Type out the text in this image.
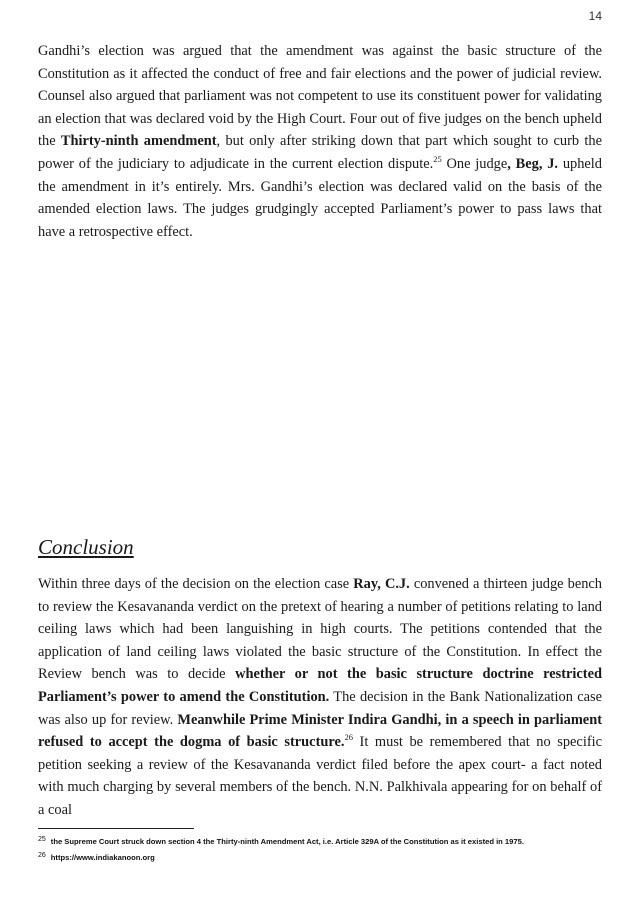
14

Gandhi’s election was argued that the amendment was against the basic structure of the Constitution as it affected the conduct of free and fair elections and the power of judicial review. Counsel also argued that parliament was not competent to use its constituent power for validating an election that was declared void by the High Court. Four out of five judges on the bench upheld the Thirty-ninth amendment, but only after striking down that part which sought to curb the power of the judiciary to adjudicate in the current election dispute.$^{25}$ One judge, Beg, J. upheld the amendment in it’s entirely. Mrs. Gandhi’s election was declared valid on the basis of the amended election laws. The judges grudgingly accepted Parliament’s power to pass laws that have a retrospective effect.

Conclusion

Within three days of the decision on the election case Ray, C.J. convened a thirteen judge bench to review the Kesavananda verdict on the pretext of hearing a number of petitions relating to land ceiling laws which had been languishing in high courts. The petitions contended that the application of land ceiling laws violated the basic structure of the Constitution. In effect the Review bench was to decide whether or not the basic structure doctrine restricted Parliament’s power to amend the Constitution. The decision in the Bank Nationalization case was also up for review. Meanwhile Prime Minister Indira Gandhi, in a speech in parliament refused to accept the dogma of basic structure.$^{26}$ It must be remembered that no specific petition seeking a review of the Kesavananda verdict filed before the apex court- a fact noted with much charging by several members of the bench. N.N. Palkhivala appearing for on behalf of a coal

$^{25}$ the Supreme Court struck down section 4 the Thirty-ninth Amendment Act, i.e. Article 329A of the Constitution as it existed in 1975.
$^{26}$ https://www.indiakanoon.org
